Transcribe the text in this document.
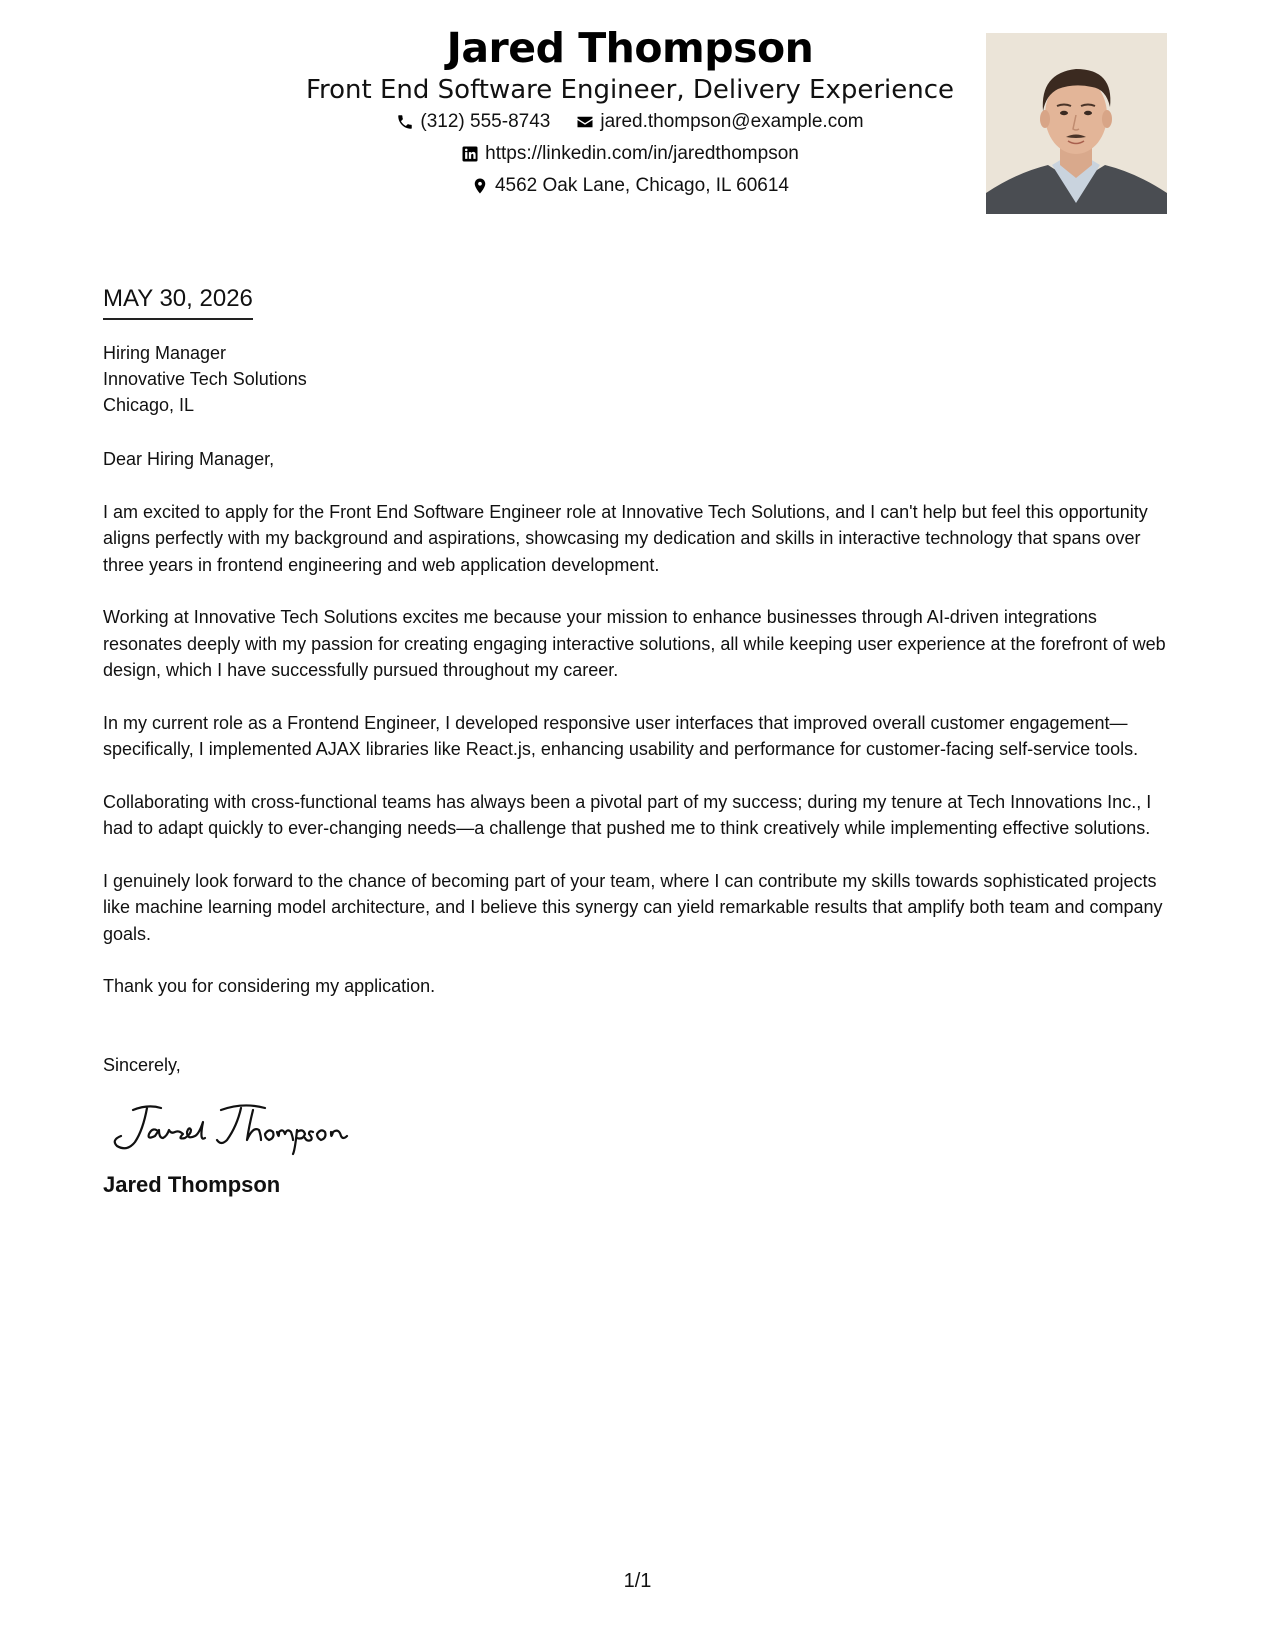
Jared Thompson
Front End Software Engineer, Delivery Experience
(312) 555-8743	jared.thompson@example.com
https://linkedin.com/in/jaredthompson
4562 Oak Lane, Chicago, IL 60614
MAY 30, 2026
Hiring Manager
Innovative Tech Solutions
Chicago, IL
Dear Hiring Manager,
I am excited to apply for the Front End Software Engineer role at Innovative Tech Solutions, and I can't help but feel this opportunity aligns perfectly with my background and aspirations, showcasing my dedication and skills in interactive technology that spans over three years in frontend engineering and web application development.
Working at Innovative Tech Solutions excites me because your mission to enhance businesses through AI-driven integrations resonates deeply with my passion for creating engaging interactive solutions, all while keeping user experience at the forefront of web design, which I have successfully pursued throughout my career.
In my current role as a Frontend Engineer, I developed responsive user interfaces that improved overall customer engagement—specifically, I implemented AJAX libraries like React.js, enhancing usability and performance for customer-facing self-service tools.
Collaborating with cross-functional teams has always been a pivotal part of my success; during my tenure at Tech Innovations Inc., I had to adapt quickly to ever-changing needs—a challenge that pushed me to think creatively while implementing effective solutions.
I genuinely look forward to the chance of becoming part of your team, where I can contribute my skills towards sophisticated projects like machine learning model architecture, and I believe this synergy can yield remarkable results that amplify both team and company goals.
Thank you for considering my application.
Sincerely,
Jared Thompson
1/1
